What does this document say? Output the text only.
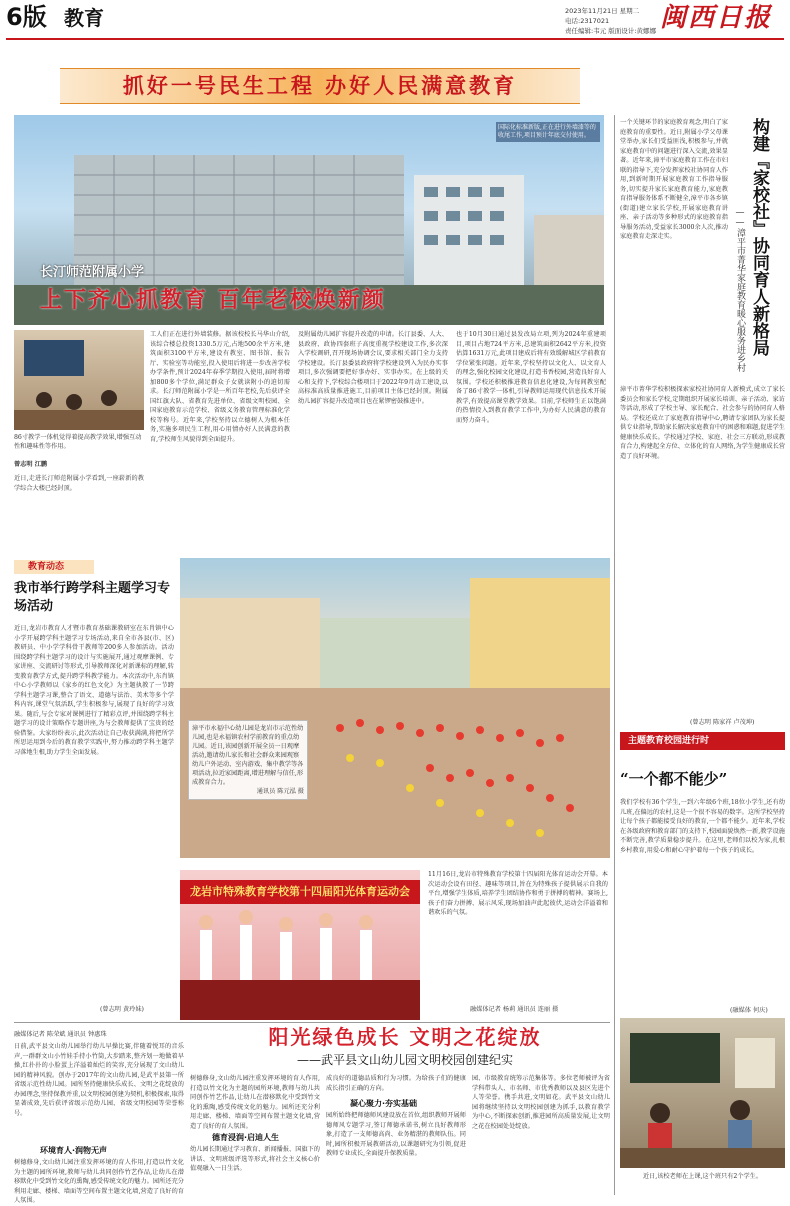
6版 教育	2023年11月21日 星期二
电话:2317021
责任编辑:韦元 版面设计:黄娜娜 闽西日报
抓好一号民生工程 办好人民满意教育
长汀师范附属小学
上下齐心抓教育 百年老校焕新颜
国际化标准新版,正在进行外墙漆等的收尾工作,项目预计年底交付使用。
86寸教学一体机觉得着提高教学效果,增强互动性和趣味性等作用。
曾志明 江鹏
近日,走进长汀师范附属小学看到,一座崭新的教学综合大楼已经封顶。
工人们正在进行外墙装修。据该校校长马华山介绍,该综合楼总投资1330.5万元,占地500余平方米,建筑面积3100平方米,建设有教室、图书馆、报告厅、实验室等功能室,投入使用后将进一步改善学校办学条件,预计2024年春季学期投入使用,届时将增加800多个学位,满足群众子女就读附小的迫切需求。长汀师范附属小学是一所百年老校,先后获评全国红旗大队、省教育先进单位、省级文明校园、全国家庭教育示范学校、省级义务教育管理标准化学校等称号。近年来,学校坚持以立德树人为根本任务,实施多项民生工程,用心用情办好人民满意的教育,学校师生风貌得到全面提升。
及附属幼儿园扩容提升改造的申请。长汀县委、人大、县政府、政协四套班子高度重视学校建设工作,多次深入学校调研,召开现场协调会议,要求相关部门全力支持学校建设。长汀县委县政府将学校建设列入为民办实事项目,多次强调要把好事办好、实事办实。在上级的关心和支持下,学校综合楼项目于2022年9月动工建设,以高标准高质量推进施工,目前项目主体已经封顶。附属幼儿园扩容提升改造项目也在紧锣密鼓推进中。
也于10月30日通过县发改局立项,列为2024年重建项目,项目占地724平方米,总建筑面积2642平方米,投资估算1631万元,此项目建成后将有效缓解城区学前教育学位紧张问题。近年来,学校坚持以文化人、以文育人的理念,强化校园文化建设,打造书香校园,营造良好育人氛围。学校还积极推进教育信息化建设,为每间教室配备了86寸教学一体机,引导教师运用现代信息技术开展教学,有效提高课堂教学效果。目前,学校师生正以饱满的热情投入到教育教学工作中,为办好人民满意的教育而努力奋斗。
教育动态
我市举行跨学科主题学习专场活动
近日,龙岩市教育人才暨市教育基础课教研室在东肖镇中心小学开展跨学科主题学习专场活动,来自全市各县(市、区)教研员、中小学学科骨干教师等200多人参加活动。活动围绕跨学科主题学习的设计与实施展开,通过观摩课例、专家讲座、交流研讨等形式,引导教师深化对新课标的理解,转变教育教学方式,提升跨学科教学能力。本次活动中,东肖镇中心小学教师以《家乡的红色文化》为主题执教了一节跨学科主题学习课,整合了语文、道德与法治、美术等多个学科内容,课堂气氛活跃,学生积极参与,展现了良好的学习效果。随后,与会专家对课例进行了精彩点评,并围绕跨学科主题学习的设计策略作专题讲座,为与会教师提供了宝贵的经验借鉴。大家纷纷表示,此次活动让自己收获满满,将把所学所思运用到今后的教育教学实践中,努力推动跨学科主题学习落地生根,助力学生全面发展。
(曾志明 黄玲妹)
漳平市永福中心幼儿园是龙岩市示范性幼儿园,也是永福镇农村学前教育的重点幼儿园。近日,该园创新开展全员一日观摩活动,邀请幼儿家长和社会群众来园观察幼儿户外运动、室内游戏、集中教学等各项活动,拉近家园距离,增进理解与信任,形成教育合力。
通讯员 陈元泓 摄
龙岩市特殊教育学校第十四届阳光体育运动会
11月16日,龙岩市特殊教育学校第十四届阳光体育运动会开幕。本次运动会设有田径、趣味等项目,旨在为特殊孩子提供展示自我的平台,增强学生体质,培养学生团结协作和勇于拼搏的精神。赛场上,孩子们奋力拼搏、展示风采,现场加油声此起彼伏,运动会洋溢着和谐欢乐的气氛。
融媒体记者 杨莉 通讯员 连丽 摄
融媒体记者 陈荣斌 通讯员 钟惠珠
日前,武平县文山幼儿园举行幼儿早操比赛,伴随着悦耳的音乐声,一群群文山小竹娃手持小竹筒,大步踏来,整齐划一地做着早操,红扑扑的小脸蛋上洋溢着灿烂的笑容,充分展现了文山幼儿园的精神风貌。创办于2017年的文山幼儿园,是武平县第一所省级示范性幼儿园。园所坚持健康快乐成长、文明之花绽放的办园理念,坚持保教并重,以文明校园创建为契机,积极探索,取得显著成效,先后获评省级示范幼儿园、省级文明校园等荣誉称号。
环境育人·润物无声
树德修身,文山幼儿园注重发挥环境的育人作用,打造以竹文化为主题的园所环境,教师与幼儿共同创作竹艺作品,让幼儿在潜移默化中受到竹文化的熏陶,感受传统文化的魅力。园所还充分利用走廊、楼梯、墙面等空间布置主题文化墙,营造了良好的育人氛围。
阳光绿色成长 文明之花绽放
——武平县文山幼儿园文明校园创建纪实
树德修身,文山幼儿园注重发挥环境的育人作用,打造以竹文化为主题的园所环境,教师与幼儿共同创作竹艺作品,让幼儿在潜移默化中受到竹文化的熏陶,感受传统文化的魅力。园所还充分利用走廊、楼梯、墙面等空间布置主题文化墙,营造了良好的育人氛围。
德育浸润·启迪人生
幼儿园长期通过学习教育、新闻播报、国旗下的讲话、文明班级评选等形式,将社会主义核心价值观融入一日生活。
成良好的道德品质和行为习惯。为给孩子们的健康成长指引正确的方向。
凝心聚力·夯实基础
园所始终把师德师风建设放在首位,组织教师开展师德师风专题学习,签订师德承诺书,树立良好教师形象,打造了一支师德高尚、业务精湛的教师队伍。同时,园所积极开展教研活动,以课题研究为引领,促进教师专业成长,全面提升保教质量。
园、市级教育统筹示范集体等。多位老师被评为省学科带头人、市名师、市优秀教师以及县区先进个人等荣誉。携手共进,文明如花。武平县文山幼儿园将继续坚持以文明校园创建为抓手,以教育教学为中心,不断探索创新,推进园所高质量发展,让文明之花在校园处处绽放。
一个关键环节的家庭教育观念,明白了家庭教育的重要性。近日,附属小学父母课堂举办,家长们受益匪浅,积极参与,并就家庭教育中的问题进行深入交流,效果显著。近年来,漳平市家庭教育工作在市妇联的指导下,充分发挥家校社协同育人作用,到新时期开展家庭教育工作指导服务,切实提升家长家庭教育能力,家庭教育指导服务体系不断健全,漳平市各乡镇(街道)建立家长学校,开展家庭教育讲座、亲子活动等多种形式的家庭教育指导服务活动,受益家长3000余人次,推动家庭教育走深走实。	构建『家校社』协同育人新格局
——漳平市菁华家庭教育暖心服务进乡村
漳平市菁华学校积极探索家校社协同育人新模式,成立了家长委员会和家长学校,定期组织开展家长培训、亲子活动、家访等活动,形成了学校主导、家长配合、社会参与的协同育人格局。学校还成立了家庭教育指导中心,聘请专家团队为家长提供专业指导,帮助家长解决家庭教育中的困惑和难题,促进学生健康快乐成长。学校通过学校、家庭、社会三方联动,形成教育合力,构建起全方位、立体化的育人网络,为学生健康成长营造了良好环境。
(曾志明 陈家祥 卢茂坤)
主题教育校园进行时
“一个都不能少”
我们学校有36个学生,一到六年级6个班,18位小学生,还有幼儿班,在偏远的农村,这是一个很不容易的数字。这所学校坚持让每个孩子都能接受良好的教育,一个都不能少。近年来,学校在各级政府和教育部门的支持下,校园面貌焕然一新,教学设施不断完善,教学质量稳步提升。在这里,老师们以校为家,扎根乡村教育,用爱心和耐心守护着每一个孩子的成长。
(融媒体 何庆)
近日,该校老师在上课,这个班只有2个学生。
